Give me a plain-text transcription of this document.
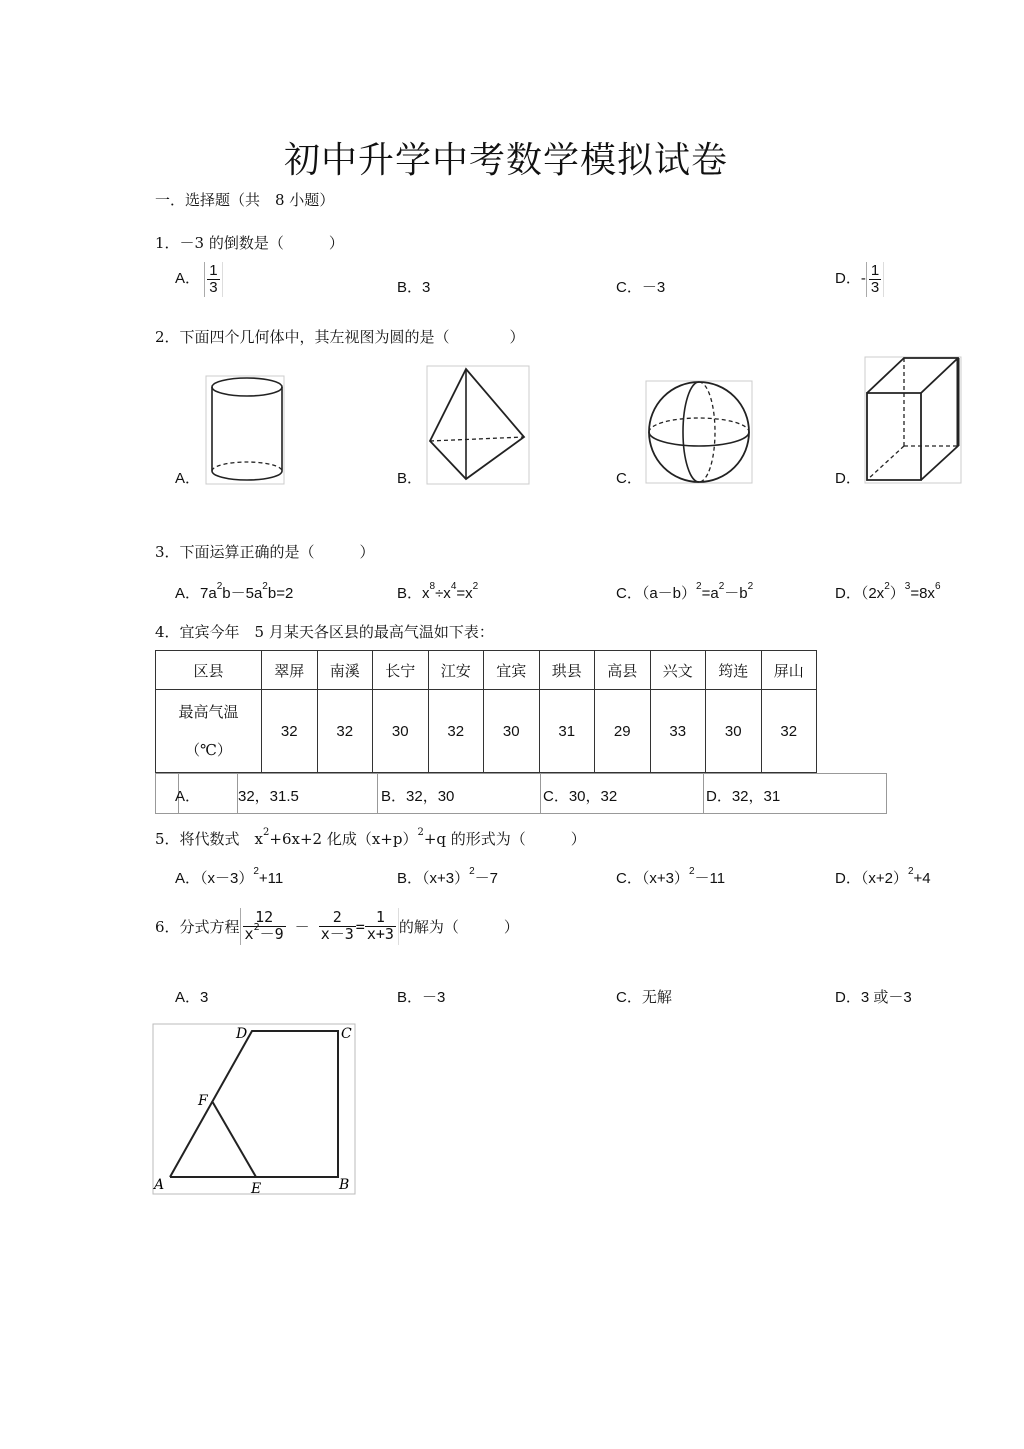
初中升学中考数学模拟试卷
一．选择题（共　8 小题）
1．－3 的倒数是（　　　）
A． $\frac{1}{3}$	B．3	C．－3
D．- $\frac{1}{3}$
2．下面四个几何体中，其左视图为圆的是（　　　　）
A．	B．	C．	D．
3．下面运算正确的是（　　　）
A．$7a^2b-5a^2b=2$	B．$x^8\div x^4=x^2$	C．$(a-b)^2=a^2-b^2$	D．$(2x^2)^3=8x^6$
4．宜宾今年　5 月某天各区县的最高气温如下表：
区县	翠屏	南溪	长宁	江安	宜宾	珙县	高县	兴文	筠连	屏山

最高气温
（℃）	32	32	30	32	30	31	29	33	30	32
A．	32，31.5	B．32，30	C．30，32	D．32，31
5．将代数式　$x^2+6x+2$ 化成$(x+p)^2+q$ 的形式为（　　　）
A．$(x-3)^2+11$	B．$(x+3)^2-7$	C．$(x+3)^2-11$	D．$(x+2)^2+4$
6．分式方程 $\frac{12}{x^2-9} - \frac{2}{x-3} = \frac{1}{x+3}$ 的解为（　　　）
A．3	B．－3	C．无解	D．3 或－3
D	C
F
A	E	B
